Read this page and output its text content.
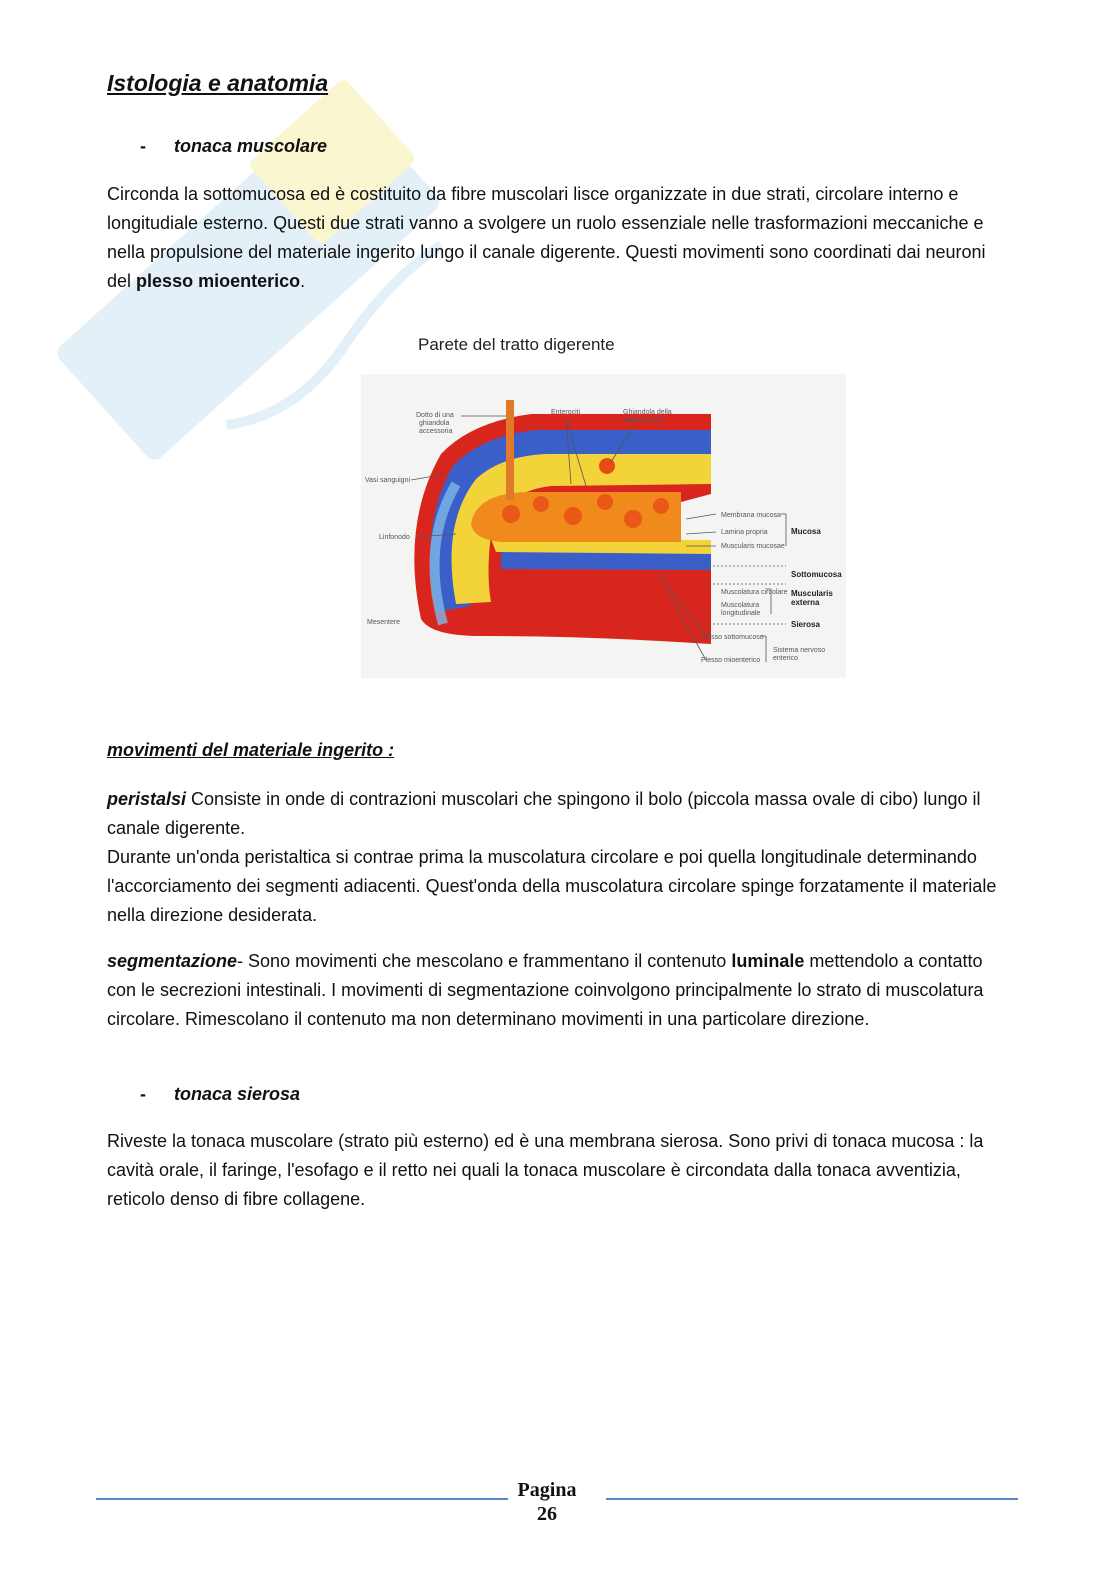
Istologia e anatomia
- tonaca muscolare

Circonda la sottomucosa ed è costituito da fibre muscolari lisce organizzate in due strati, circolare interno e longitudiale esterno. Questi due strati vanno a svolgere un ruolo essenziale nelle trasformazioni meccaniche e nella propulsione del materiale ingerito lungo il canale digerente. Questi movimenti sono coordinati dai neuroni del plesso mioenterico.

Parete del tratto digerente
Dotto di una ghiandola accessoria
Enterociti	Ghiandola della sottomucosa
Vasi sanguigni
Linfonodo
Mesentere
Membrana mucosa
Lamina propria
Muscularis mucosae
Mucosa
Sottomucosa
Muscolatura circolare
Muscolatura longitudinale
Muscularis externa
Sierosa
Plesso sottomucoso
Plesso mioenterico
Sistema nervoso enterico
movimenti del materiale ingerito :

peristalsi Consiste in onde di contrazioni muscolari che spingono il bolo (piccola massa ovale di cibo) lungo il canale digerente.
Durante un'onda peristaltica si contrae prima la muscolatura circolare e poi quella longitudinale determinando l'accorciamento dei segmenti adiacenti. Quest'onda della muscolatura circolare spinge forzatamente il materiale nella direzione desiderata.

segmentazione- Sono movimenti che mescolano e frammentano il contenuto luminale mettendolo a contatto con le secrezioni intestinali. I movimenti di segmentazione coinvolgono principalmente lo strato di muscolatura circolare. Rimescolano il contenuto ma non determinano movimenti in una particolare direzione.

- tonaca sierosa

Riveste la tonaca muscolare (strato più esterno) ed è una membrana sierosa. Sono privi di tonaca mucosa : la cavità orale, il faringe, l'esofago e il retto nei quali la tonaca muscolare è circondata dalla tonaca avventizia, reticolo denso di fibre collagene.

Pagina
26
